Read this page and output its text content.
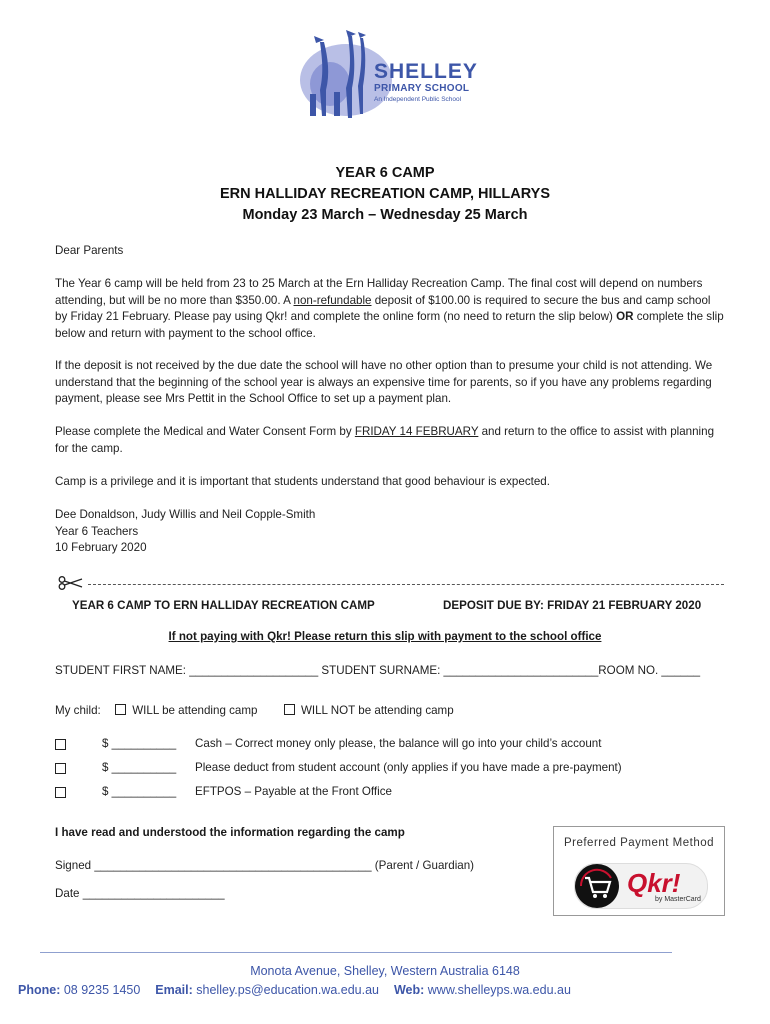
SHELLEY
PRIMARY SCHOOL
An Independent Public School
YEAR 6 CAMP
ERN HALLIDAY RECREATION CAMP, HILLARYS
Monday 23 March – Wednesday 25 March
Dear Parents
The Year 6 camp will be held from 23 to 25 March at the Ern Halliday Recreation Camp. The final cost will depend on numbers attending, but will be no more than $350.00. A non-refundable deposit of $100.00 is required to secure the bus and camp school by Friday 21 February. Please pay using Qkr! and complete the online form (no need to return the slip below) OR complete the slip below and return with payment to the school office.
If the deposit is not received by the due date the school will have no other option than to presume your child is not attending. We understand that the beginning of the school year is always an expensive time for parents, so if you have any problems regarding payment, please see Mrs Pettit in the School Office to set up a payment plan.
Please complete the Medical and Water Consent Form by FRIDAY 14 FEBRUARY and return to the office to assist with planning for the camp.
Camp is a privilege and it is important that students understand that good behaviour is expected.
Dee Donaldson, Judy Willis and Neil Copple-Smith
Year 6 Teachers
10 February 2020
YEAR 6 CAMP TO ERN HALLIDAY RECREATION CAMP	DEPOSIT DUE BY: FRIDAY 21 FEBRUARY 2020
If not paying with Qkr! Please return this slip with payment to the school office
STUDENT FIRST NAME: ____________________ STUDENT SURNAME: ________________________ROOM NO. ______
My child:	WILL be attending camp	WILL NOT be attending camp
$ __________ Cash – Correct money only please, the balance will go into your child’s account
$ __________ Please deduct from student account (only applies if you have made a pre-payment)
$ __________ EFTPOS – Payable at the Front Office
I have read and understood the information regarding the camp
Signed ___________________________________________ (Parent / Guardian)
Date ______________________
Preferred Payment Method
Qkr!
by MasterCard
Monota Avenue, Shelley, Western Australia 6148
Phone: 08 9235 1450 Email: shelley.ps@education.wa.edu.au Web: www.shelleyps.wa.edu.au
